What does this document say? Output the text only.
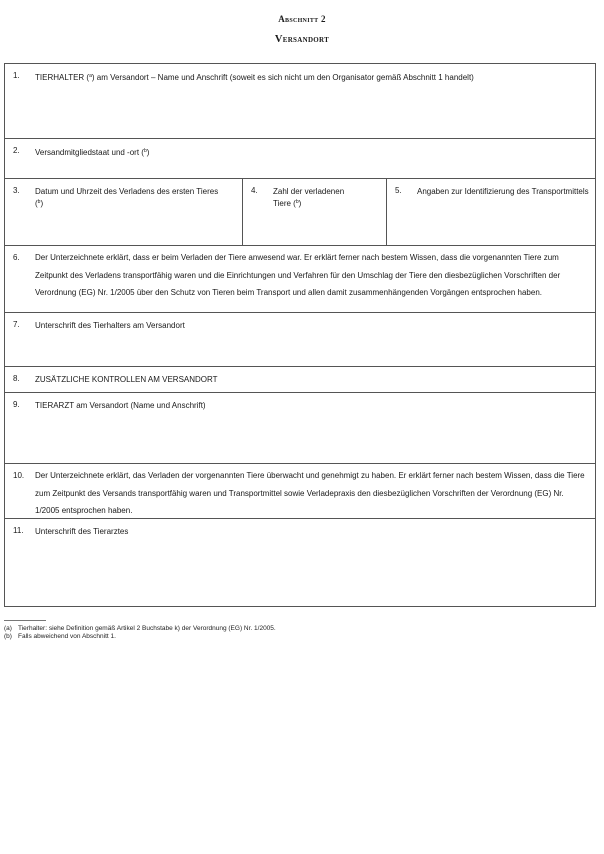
Abschnitt 2
Versandort
1. TIERHALTER ($^a$) am Versandort – Name und Anschrift (soweit es sich nicht um den Organisator gemäß Abschnitt 1 handelt)
2. Versandmitgliedstaat und -ort ($^b$)
3. Datum und Uhrzeit des Verladens des ersten Tieres ($^b$)
4. Zahl der verladenen Tiere ($^b$)
5. Angaben zur Identifizierung des Transportmittels
6. Der Unterzeichnete erklärt, dass er beim Verladen der Tiere anwesend war. Er erklärt ferner nach bestem Wissen, dass die vorgenannten Tiere zum Zeitpunkt des Verladens transportfähig waren und die Einrichtungen und Verfahren für den Umschlag der Tiere den diesbezüglichen Vorschriften der Verordnung (EG) Nr. 1/2005 über den Schutz von Tieren beim Transport und allen damit zusammenhängenden Vorgängen entsprochen haben.
7. Unterschrift des Tierhalters am Versandort
8. ZUSÄTZLICHE KONTROLLEN AM VERSANDORT
9. TIERARZT am Versandort (Name und Anschrift)
10. Der Unterzeichnete erklärt, das Verladen der vorgenannten Tiere überwacht und genehmigt zu haben. Er erklärt ferner nach bestem Wissen, dass die Tiere zum Zeitpunkt des Versands transportfähig waren und Transportmittel sowie Verladepraxis den diesbezüglichen Vorschriften der Verordnung (EG) Nr. 1/2005 entsprochen haben.
11. Unterschrift des Tierarztes
(a) Tierhalter: siehe Definition gemäß Artikel 2 Buchstabe k) der Verordnung (EG) Nr. 1/2005.
(b) Falls abweichend von Abschnitt 1.
